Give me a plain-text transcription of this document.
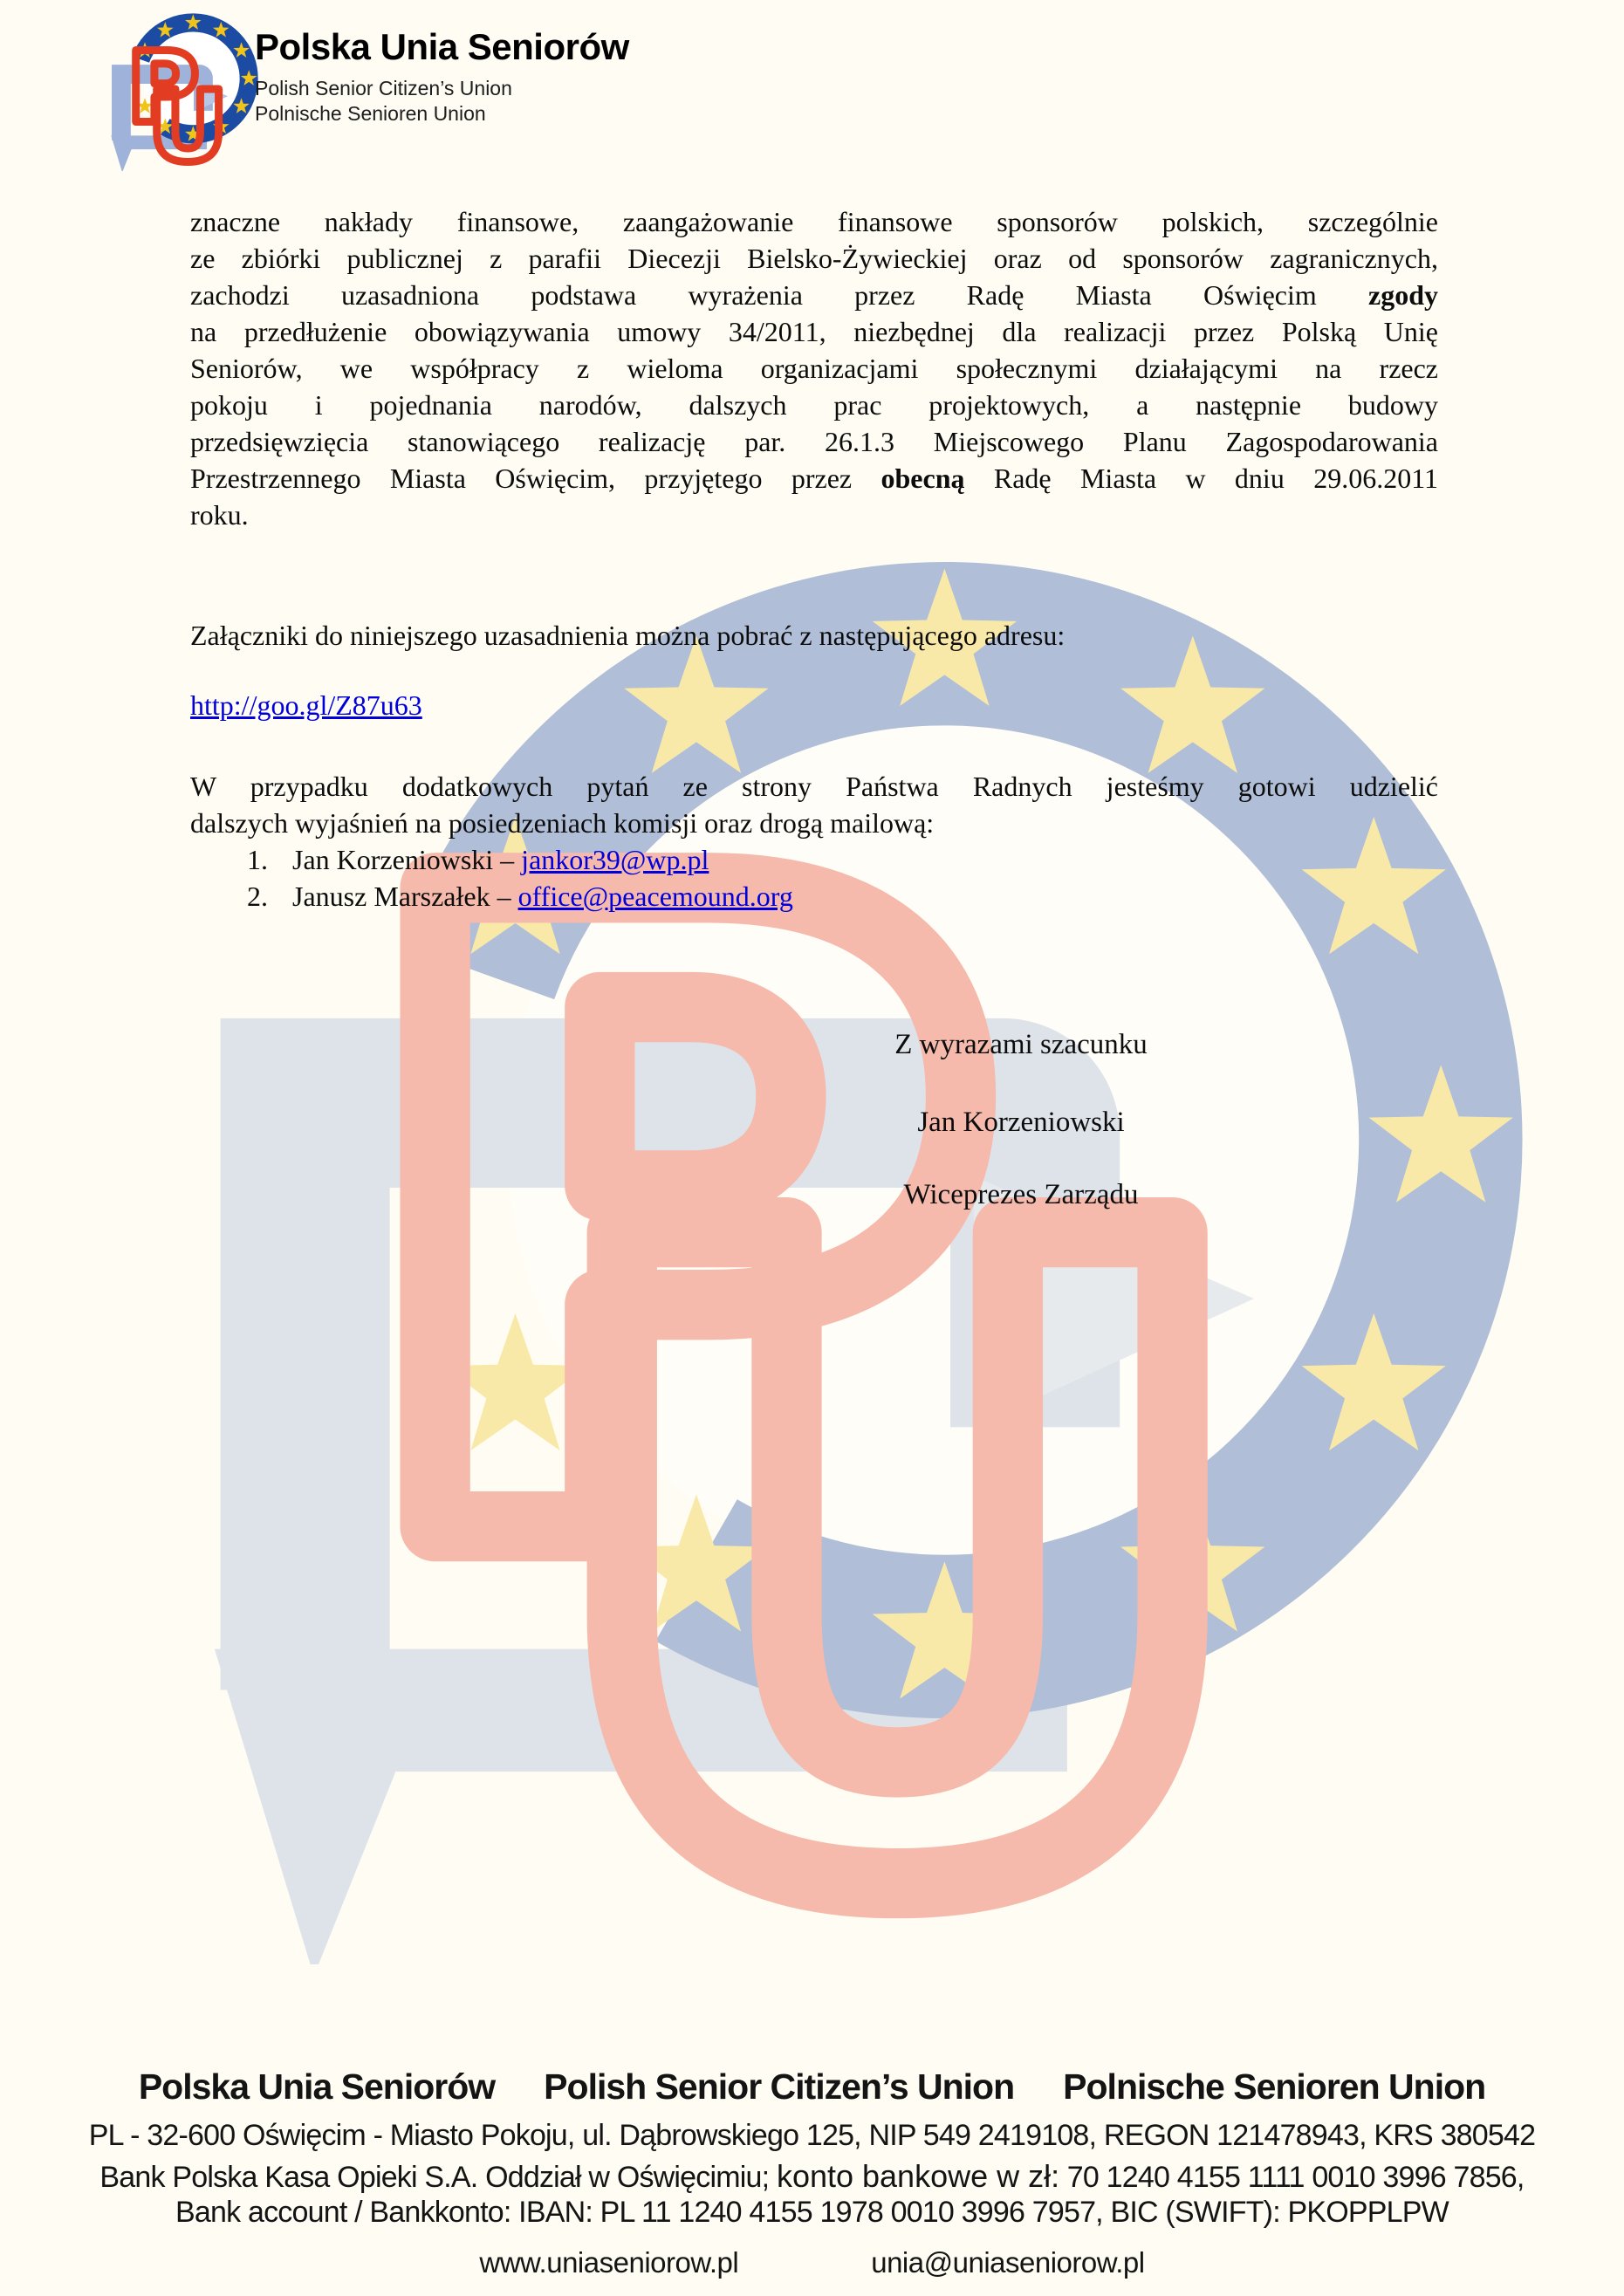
Polska Unia Seniorów
Polish Senior Citizen’s Union
Polnische Senioren Union
znaczne nakłady finansowe, zaangażowanie finansowe sponsorów polskich, szczególnie
ze zbiórki publicznej z parafii Diecezji Bielsko-Żywieckiej oraz od sponsorów zagranicznych,
zachodzi uzasadniona podstawa wyrażenia przez Radę Miasta Oświęcim zgody
na przedłużenie obowiązywania umowy 34/2011, niezbędnej dla realizacji przez Polską Unię
Seniorów, we współpracy z wieloma organizacjami społecznymi działającymi na rzecz
pokoju i pojednania narodów, dalszych prac projektowych, a następnie budowy
przedsięwzięcia stanowiącego realizację par. 26.1.3 Miejscowego Planu Zagospodarowania
Przestrzennego Miasta Oświęcim, przyjętego przez obecną Radę Miasta w dniu 29.06.2011
roku.
Załączniki do niniejszego uzasadnienia można pobrać z następującego adresu:
http://goo.gl/Z87u63
W przypadku dodatkowych pytań ze strony Państwa Radnych jesteśmy gotowi udzielić
dalszych wyjaśnień na posiedzeniach komisji oraz drogą mailową:
1. Jan Korzeniowski – jankor39@wp.pl
2. Janusz Marszałek – office@peacemound.org
Z wyrazami szacunku
Jan Korzeniowski
Wiceprezes Zarządu
Polska Unia Seniorów Polish Senior Citizen’s Union Polnische Senioren Union
PL - 32-600 Oświęcim - Miasto Pokoju, ul. Dąbrowskiego 125, NIP 549 2419108, REGON 121478943, KRS 380542
Bank Polska Kasa Opieki S.A. Oddział w Oświęcimiu; konto bankowe w zł: 70 1240 4155 1111 0010 3996 7856,
Bank account / Bankkonto: IBAN: PL 11 1240 4155 1978 0010 3996 7957, BIC (SWIFT): PKOPPLPW
www.uniaseniorow.pl	unia@uniaseniorow.pl
